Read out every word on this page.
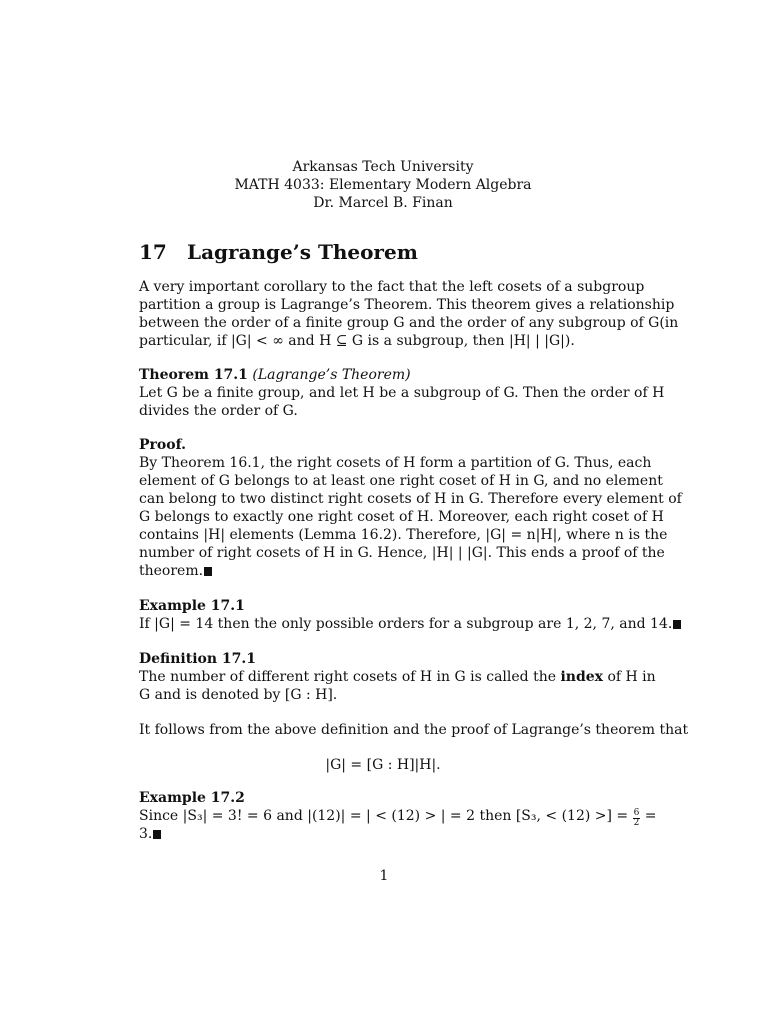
Arkansas Tech University
MATH 4033: Elementary Modern Algebra
Dr. Marcel B. Finan
17 Lagrange’s Theorem
A very important corollary to the fact that the left cosets of a subgroup
partition a group is Lagrange’s Theorem. This theorem gives a relationship
between the order of a finite group G and the order of any subgroup of G(in
particular, if |G| < ∞ and H ⊆ G is a subgroup, then |H| | |G|).
Theorem 17.1 (Lagrange’s Theorem)
Let G be a finite group, and let H be a subgroup of G. Then the order of H
divides the order of G.
Proof.
By Theorem 16.1, the right cosets of H form a partition of G. Thus, each
element of G belongs to at least one right coset of H in G, and no element
can belong to two distinct right cosets of H in G. Therefore every element of
G belongs to exactly one right coset of H. Moreover, each right coset of H
contains |H| elements (Lemma 16.2). Therefore, |G| = n|H|, where n is the
number of right cosets of H in G. Hence, |H| | |G|. This ends a proof of the
theorem.
Example 17.1
If |G| = 14 then the only possible orders for a subgroup are 1, 2, 7, and 14.
Definition 17.1
The number of different right cosets of H in G is called the index of H in
G and is denoted by [G : H].
It follows from the above definition and the proof of Lagrange’s theorem that
|G| = [G : H]|H|.
Example 17.2
Since |S₃| = 3! = 6 and |(12)| = | < (12) > | = 2 then [S₃, < (12) >] = $\frac{6}{2}$ =
3.
1
